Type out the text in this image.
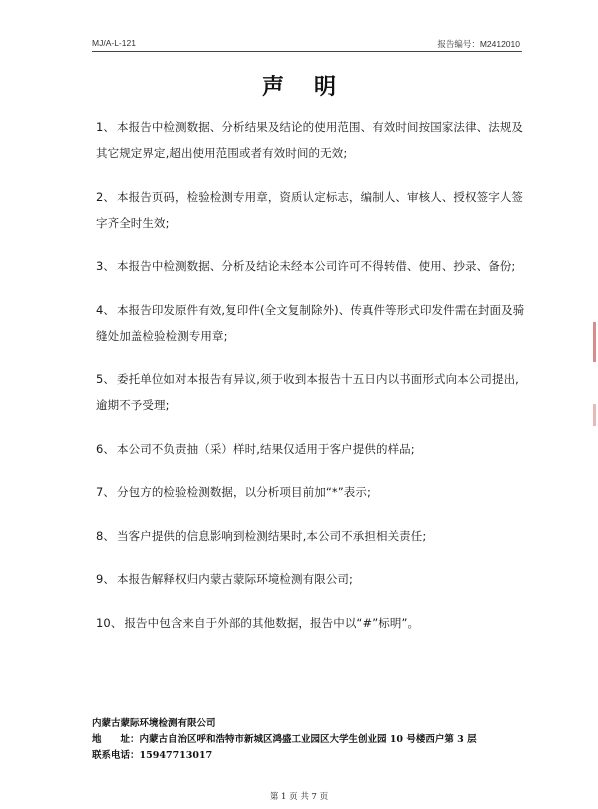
MJ/A-L-121	报告编号：M2412010
声明

1、 本报告中检测数据、分析结果及结论的使用范围、有效时间按国家法律、法规及其它规定界定,超出使用范围或者有效时间的无效;

2、 本报告页码，检验检测专用章，资质认定标志，编制人、审核人、授权签字人签字齐全时生效;

3、 本报告中检测数据、分析及结论未经本公司许可不得转借、使用、抄录、备份;

4、 本报告印发原件有效,复印件(全文复制除外)、传真件等形式印发件需在封面及骑缝处加盖检验检测专用章;

5、 委托单位如对本报告有异议,须于收到本报告十五日内以书面形式向本公司提出,逾期不予受理;

6、 本公司不负责抽（采）样时,结果仅适用于客户提供的样品;

7、 分包方的检验检测数据，以分析项目前加“*”表示;

8、 当客户提供的信息影响到检测结果时,本公司不承担相关责任;

9、 本报告解释权归内蒙古蒙际环境检测有限公司;

10、 报告中包含来自于外部的其他数据，报告中以“#”标明”。

内蒙古蒙际环境检测有限公司
地　　址：内蒙古自治区呼和浩特市新城区鸿盛工业园区大学生创业园 10 号楼西户第 3 层
联系电话：15947713017
第 1 页 共 7 页
